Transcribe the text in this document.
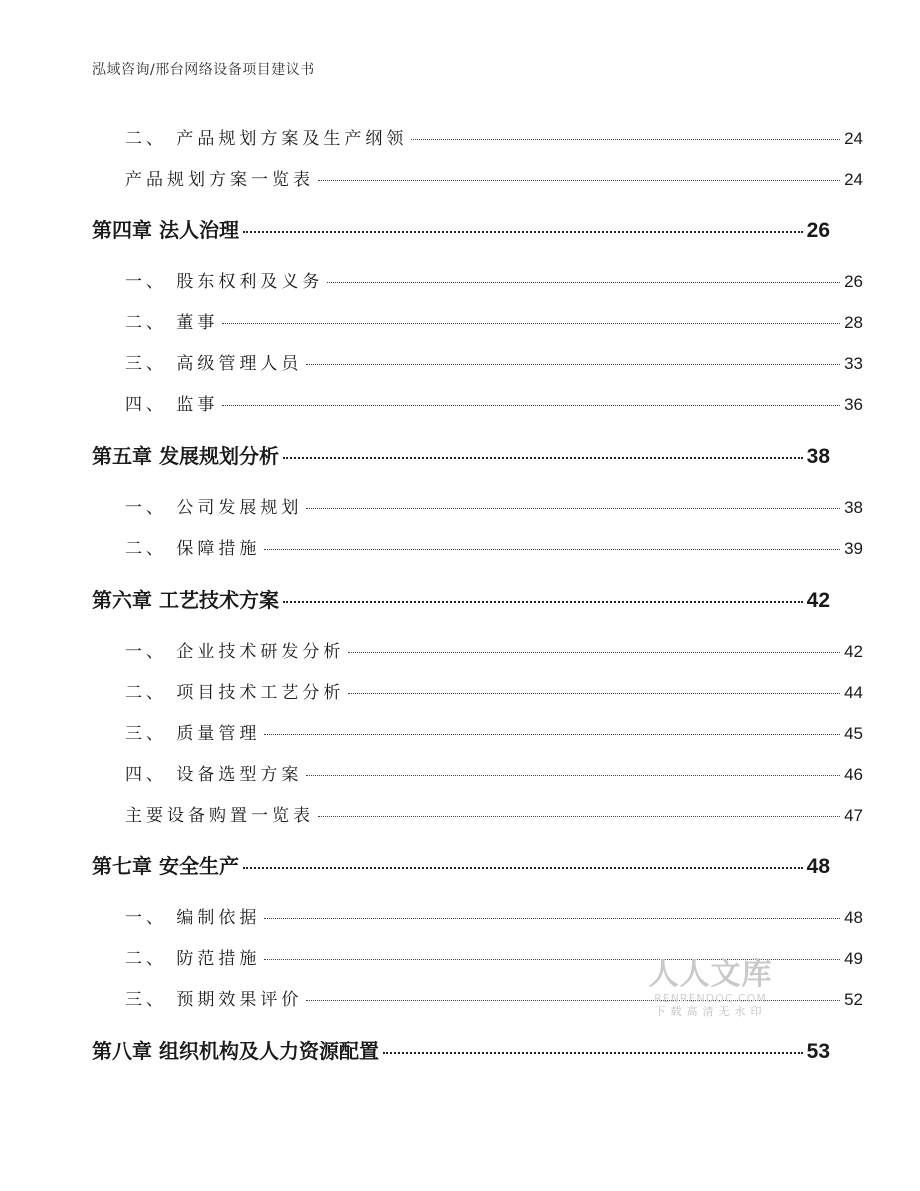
泓域咨询/邢台网络设备项目建议书
二、 产品规划方案及生产纲领	24
产品规划方案一览表	24
第四章 法人治理	26
一、 股东权利及义务	26
二、 董事	28
三、 高级管理人员	33
四、 监事	36
第五章 发展规划分析	38
一、 公司发展规划	38
二、 保障措施	39
第六章 工艺技术方案	42
一、 企业技术研发分析	42
二、 项目技术工艺分析	44
三、 质量管理	45
四、 设备选型方案	46
主要设备购置一览表	47
第七章 安全生产	48
一、 编制依据	48
二、 防范措施	49
三、 预期效果评价	52
第八章 组织机构及人力资源配置	53
人人文库
RENRENDOC.COM
下载高清无水印
